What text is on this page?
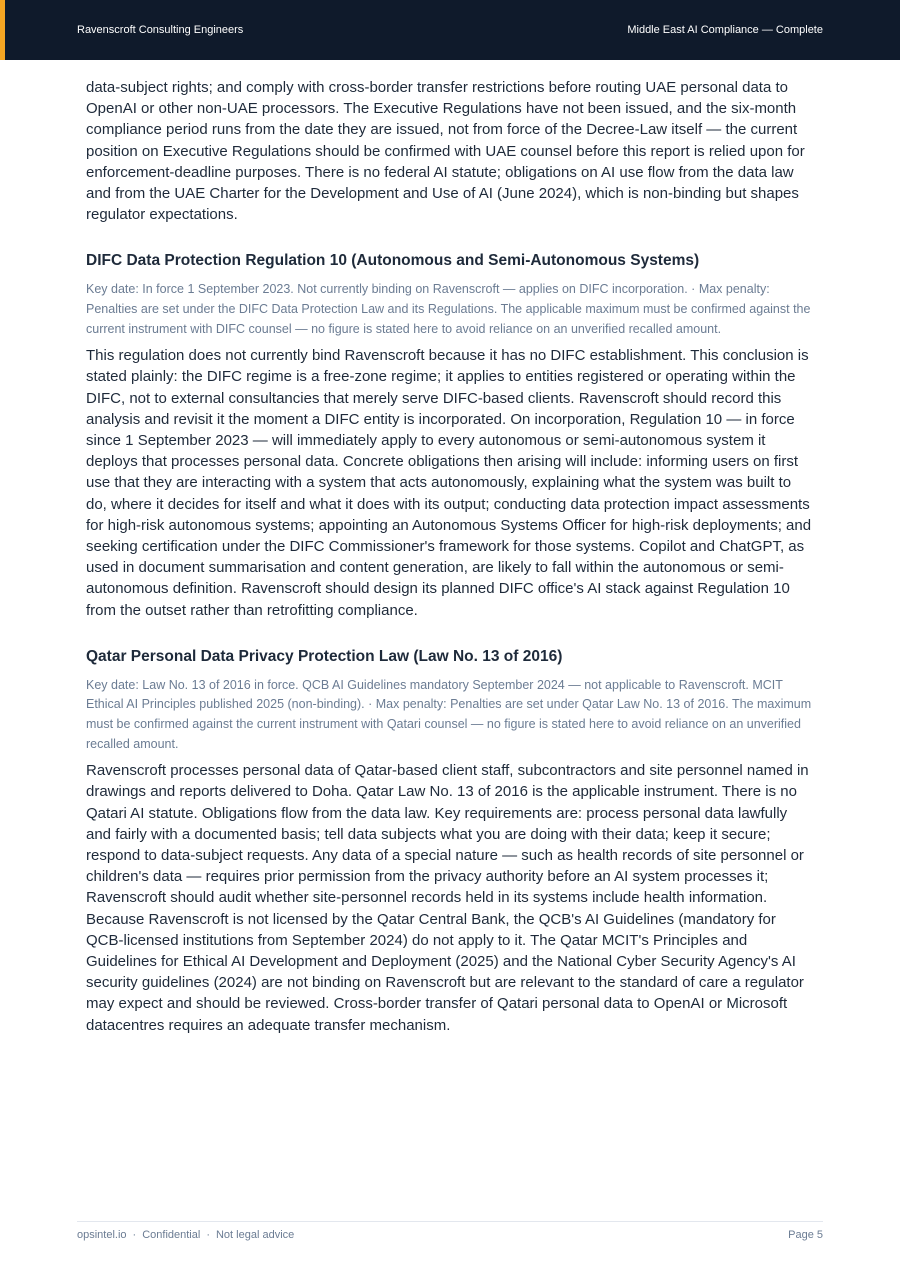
Ravenscroft Consulting Engineers	Middle East AI Compliance — Complete

data-subject rights; and comply with cross-border transfer restrictions before routing UAE personal data to OpenAI or other non-UAE processors. The Executive Regulations have not been issued, and the six-month compliance period runs from the date they are issued, not from force of the Decree-Law itself — the current position on Executive Regulations should be confirmed with UAE counsel before this report is relied upon for enforcement-deadline purposes. There is no federal AI statute; obligations on AI use flow from the data law and from the UAE Charter for the Development and Use of AI (June 2024), which is non-binding but shapes regulator expectations.

DIFC Data Protection Regulation 10 (Autonomous and Semi-Autonomous Systems)

Key date: In force 1 September 2023. Not currently binding on Ravenscroft — applies on DIFC incorporation. · Max penalty: Penalties are set under the DIFC Data Protection Law and its Regulations. The applicable maximum must be confirmed against the current instrument with DIFC counsel — no figure is stated here to avoid reliance on an unverified recalled amount.

This regulation does not currently bind Ravenscroft because it has no DIFC establishment. This conclusion is stated plainly: the DIFC regime is a free-zone regime; it applies to entities registered or operating within the DIFC, not to external consultancies that merely serve DIFC-based clients. Ravenscroft should record this analysis and revisit it the moment a DIFC entity is incorporated. On incorporation, Regulation 10 — in force since 1 September 2023 — will immediately apply to every autonomous or semi-autonomous system it deploys that processes personal data. Concrete obligations then arising will include: informing users on first use that they are interacting with a system that acts autonomously, explaining what the system was built to do, where it decides for itself and what it does with its output; conducting data protection impact assessments for high-risk autonomous systems; appointing an Autonomous Systems Officer for high-risk deployments; and seeking certification under the DIFC Commissioner's framework for those systems. Copilot and ChatGPT, as used in document summarisation and content generation, are likely to fall within the autonomous or semi-autonomous definition. Ravenscroft should design its planned DIFC office's AI stack against Regulation 10 from the outset rather than retrofitting compliance.

Qatar Personal Data Privacy Protection Law (Law No. 13 of 2016)

Key date: Law No. 13 of 2016 in force. QCB AI Guidelines mandatory September 2024 — not applicable to Ravenscroft. MCIT Ethical AI Principles published 2025 (non-binding). · Max penalty: Penalties are set under Qatar Law No. 13 of 2016. The maximum must be confirmed against the current instrument with Qatari counsel — no figure is stated here to avoid reliance on an unverified recalled amount.

Ravenscroft processes personal data of Qatar-based client staff, subcontractors and site personnel named in drawings and reports delivered to Doha. Qatar Law No. 13 of 2016 is the applicable instrument. There is no Qatari AI statute. Obligations flow from the data law. Key requirements are: process personal data lawfully and fairly with a documented basis; tell data subjects what you are doing with their data; keep it secure; respond to data-subject requests. Any data of a special nature — such as health records of site personnel or children's data — requires prior permission from the privacy authority before an AI system processes it; Ravenscroft should audit whether site-personnel records held in its systems include health information. Because Ravenscroft is not licensed by the Qatar Central Bank, the QCB's AI Guidelines (mandatory for QCB-licensed institutions from September 2024) do not apply to it. The Qatar MCIT's Principles and Guidelines for Ethical AI Development and Deployment (2025) and the National Cyber Security Agency's AI security guidelines (2024) are not binding on Ravenscroft but are relevant to the standard of care a regulator may expect and should be reviewed. Cross-border transfer of Qatari personal data to OpenAI or Microsoft datacentres requires an adequate transfer mechanism.

opsintel.io · Confidential · Not legal advice	Page 5
